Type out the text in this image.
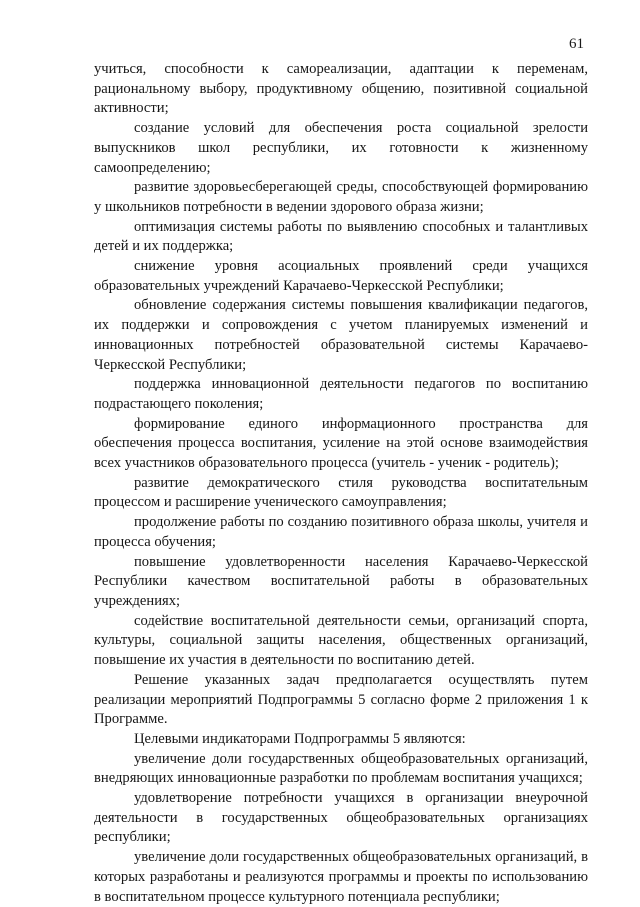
61

учиться, способности к самореализации, адаптации к переменам, рациональному выбору, продуктивному общению, позитивной социальной активности;

создание условий для обеспечения роста социальной зрелости выпускников школ республики, их готовности к жизненному самоопределению;

развитие здоровьесберегающей среды, способствующей формированию у школьников потребности в ведении здорового образа жизни;

оптимизация системы работы по выявлению способных и талантливых детей и их поддержка;

снижение уровня асоциальных проявлений среди учащихся образовательных учреждений Карачаево-Черкесской Республики;

обновление содержания системы повышения квалификации педагогов, их поддержки и сопровождения с учетом планируемых изменений и инновационных потребностей образовательной системы Карачаево-Черкесской Республики;

поддержка инновационной деятельности педагогов по воспитанию подрастающего поколения;

формирование единого информационного пространства для обеспечения процесса воспитания, усиление на этой основе взаимодействия всех участников образовательного процесса (учитель - ученик - родитель);

развитие демократического стиля руководства воспитательным процессом и расширение ученического самоуправления;

продолжение работы по созданию позитивного образа школы, учителя и процесса обучения;

повышение удовлетворенности населения Карачаево-Черкесской Республики качеством воспитательной работы в образовательных учреждениях;

содействие воспитательной деятельности семьи, организаций спорта, культуры, социальной защиты населения, общественных организаций, повышение их участия в деятельности по воспитанию детей.

Решение указанных задач предполагается осуществлять путем реализации мероприятий Подпрограммы 5 согласно форме 2 приложения 1 к Программе.

Целевыми индикаторами Подпрограммы 5 являются:

увеличение доли государственных общеобразовательных организаций, внедряющих инновационные разработки по проблемам воспитания учащихся;

удовлетворение потребности учащихся в организации внеурочной деятельности в государственных общеобразовательных организациях республики;

увеличение доли государственных общеобразовательных организаций, в которых разработаны и реализуются программы и проекты по использованию в воспитательном процессе культурного потенциала республики;
